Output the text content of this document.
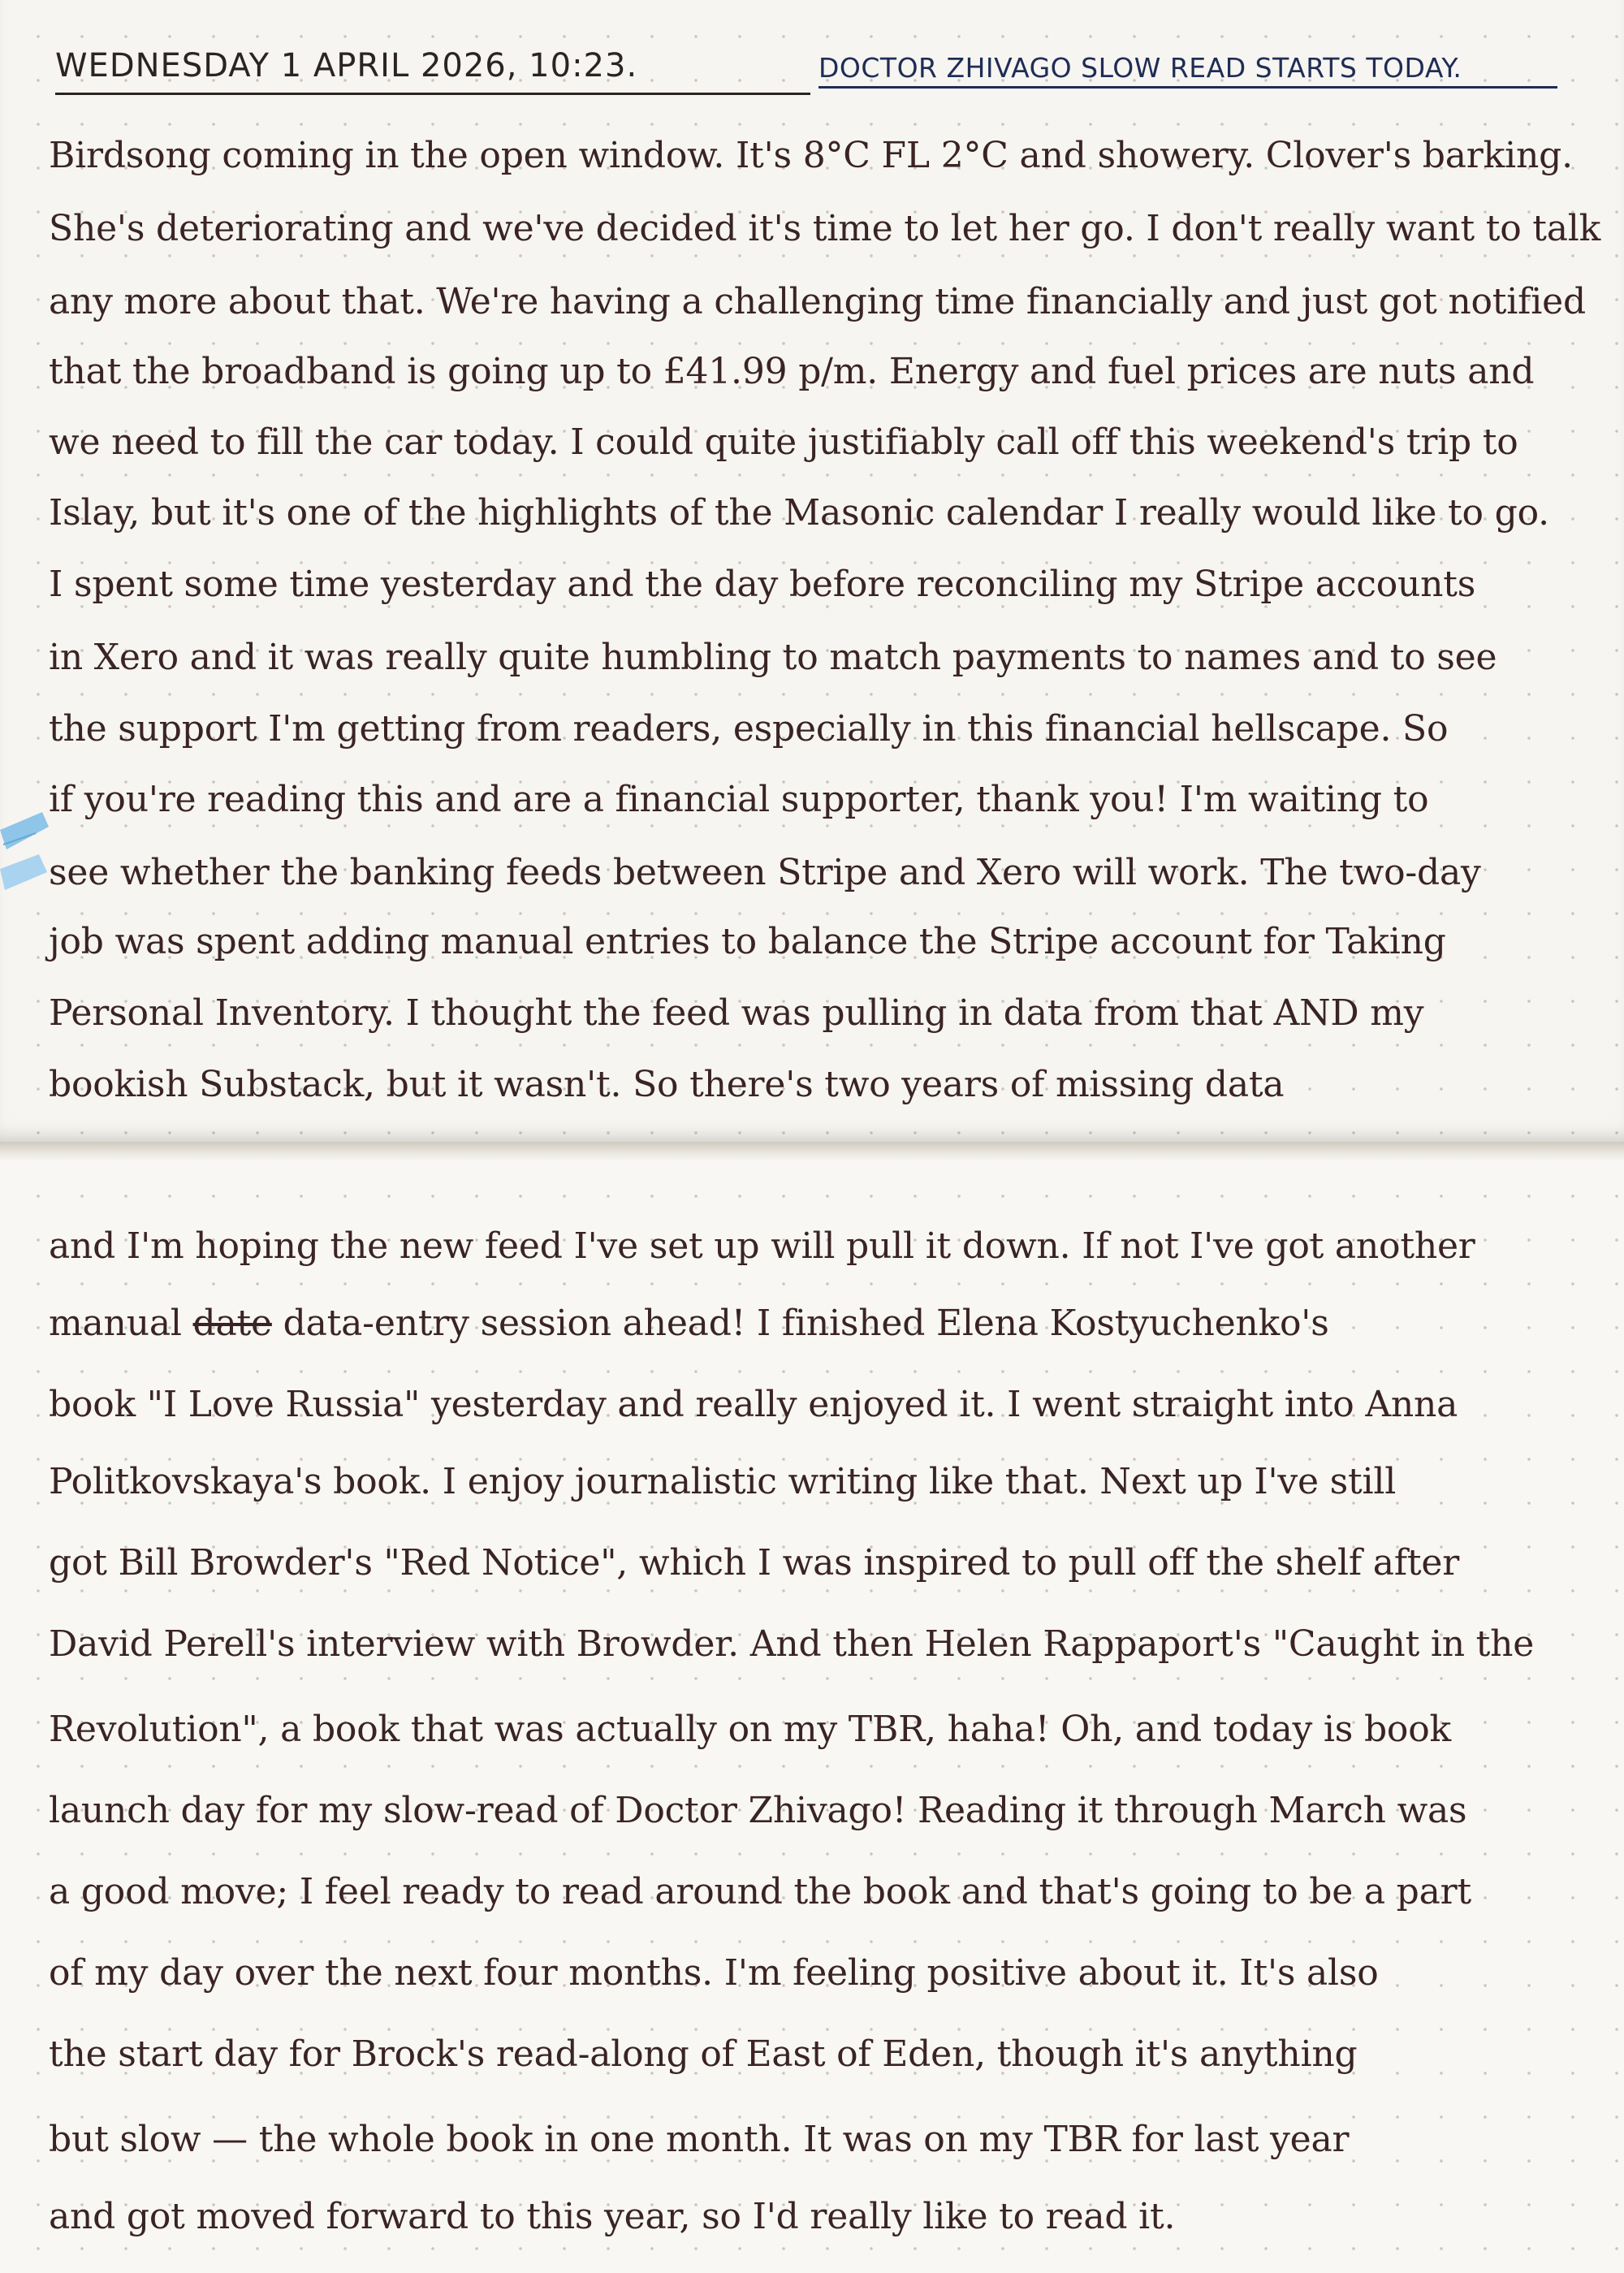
WEDNESDAY 1 APRIL 2026, 10:23.	DOCTOR ZHIVAGO SLOW READ STARTS TODAY.
Birdsong coming in the open window. It's 8°C FL 2°C and showery. Clover's barking.
She's deteriorating and we've decided it's time to let her go. I don't really want to talk
any more about that. We're having a challenging time financially and just got notified
that the broadband is going up to £41.99 p/m. Energy and fuel prices are nuts and
we need to fill the car today. I could quite justifiably call off this weekend's trip to
Islay, but it's one of the highlights of the Masonic calendar I really would like to go.
I spent some time yesterday and the day before reconciling my Stripe accounts
in Xero and it was really quite humbling to match payments to names and to see
the support I'm getting from readers, especially in this financial hellscape. So
if you're reading this and are a financial supporter, thank you! I'm waiting to
see whether the banking feeds between Stripe and Xero will work. The two-day
job was spent adding manual entries to balance the Stripe account for Taking
Personal Inventory. I thought the feed was pulling in data from that AND my
bookish Substack, but it wasn't. So there's two years of missing data
and I'm hoping the new feed I've set up will pull it down. If not I've got another
manual date data-entry session ahead! I finished Elena Kostyuchenko's
book "I Love Russia" yesterday and really enjoyed it. I went straight into Anna
Politkovskaya's book. I enjoy journalistic writing like that. Next up I've still
got Bill Browder's "Red Notice", which I was inspired to pull off the shelf after
David Perell's interview with Browder. And then Helen Rappaport's "Caught in the
Revolution", a book that was actually on my TBR, haha! Oh, and today is book
launch day for my slow-read of Doctor Zhivago! Reading it through March was
a good move; I feel ready to read around the book and that's going to be a part
of my day over the next four months. I'm feeling positive about it. It's also
the start day for Brock's read-along of East of Eden, though it's anything
but slow — the whole book in one month. It was on my TBR for last year
and got moved forward to this year, so I'd really like to read it.
